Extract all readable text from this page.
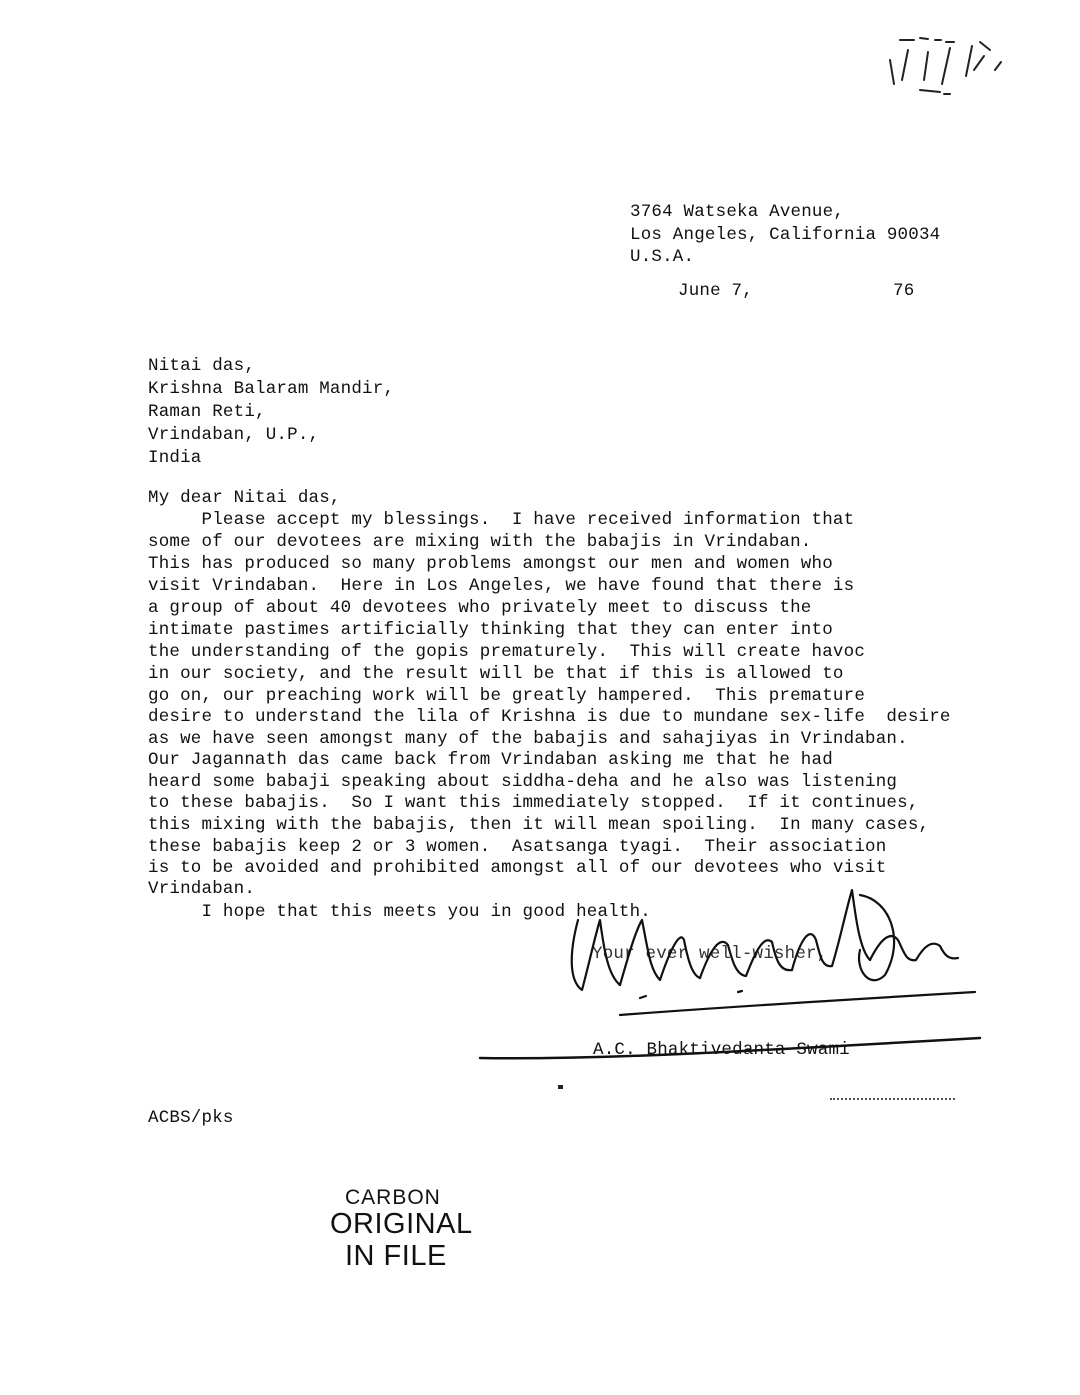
3764 Watseka Avenue,
Los Angeles, California 90034
U.S.A.
June 7,	76
Nitai das,
Krishna Balaram Mandir,
Raman Reti,
Vrindaban, U.P.,
India
My dear Nitai das,
Please accept my blessings.  I have received information that
some of our devotees are mixing with the babajis in Vrindaban.
This has produced so many problems amongst our men and women who
visit Vrindaban.  Here in Los Angeles, we have found that there is
a group of about 40 devotees who privately meet to discuss the
intimate pastimes artificially thinking that they can enter into
the understanding of the gopis prematurely.  This will create havoc
in our society, and the result will be that if this is allowed to
go on, our preaching work will be greatly hampered.  This premature
desire to understand the lila of Krishna is due to mundane sex-life  desire
as we have seen amongst many of the babajis and sahajiyas in Vrindaban.
Our Jagannath das came back from Vrindaban asking me that he had
heard some babaji speaking about siddha-deha and he also was listening
to these babajis.  So I want this immediately stopped.  If it continues,
this mixing with the babajis, then it will mean spoiling.  In many cases,
these babajis keep 2 or 3 women.  Asatsanga tyagi.  Their association
is to be avoided and prohibited amongst all of our devotees who visit
Vrindaban.
I hope that this meets you in good health.
Your ever well-wisher,
A.C. Bhaktivedanta Swami
ACBS/pks
CARBON
ORIGINAL
IN FILE
